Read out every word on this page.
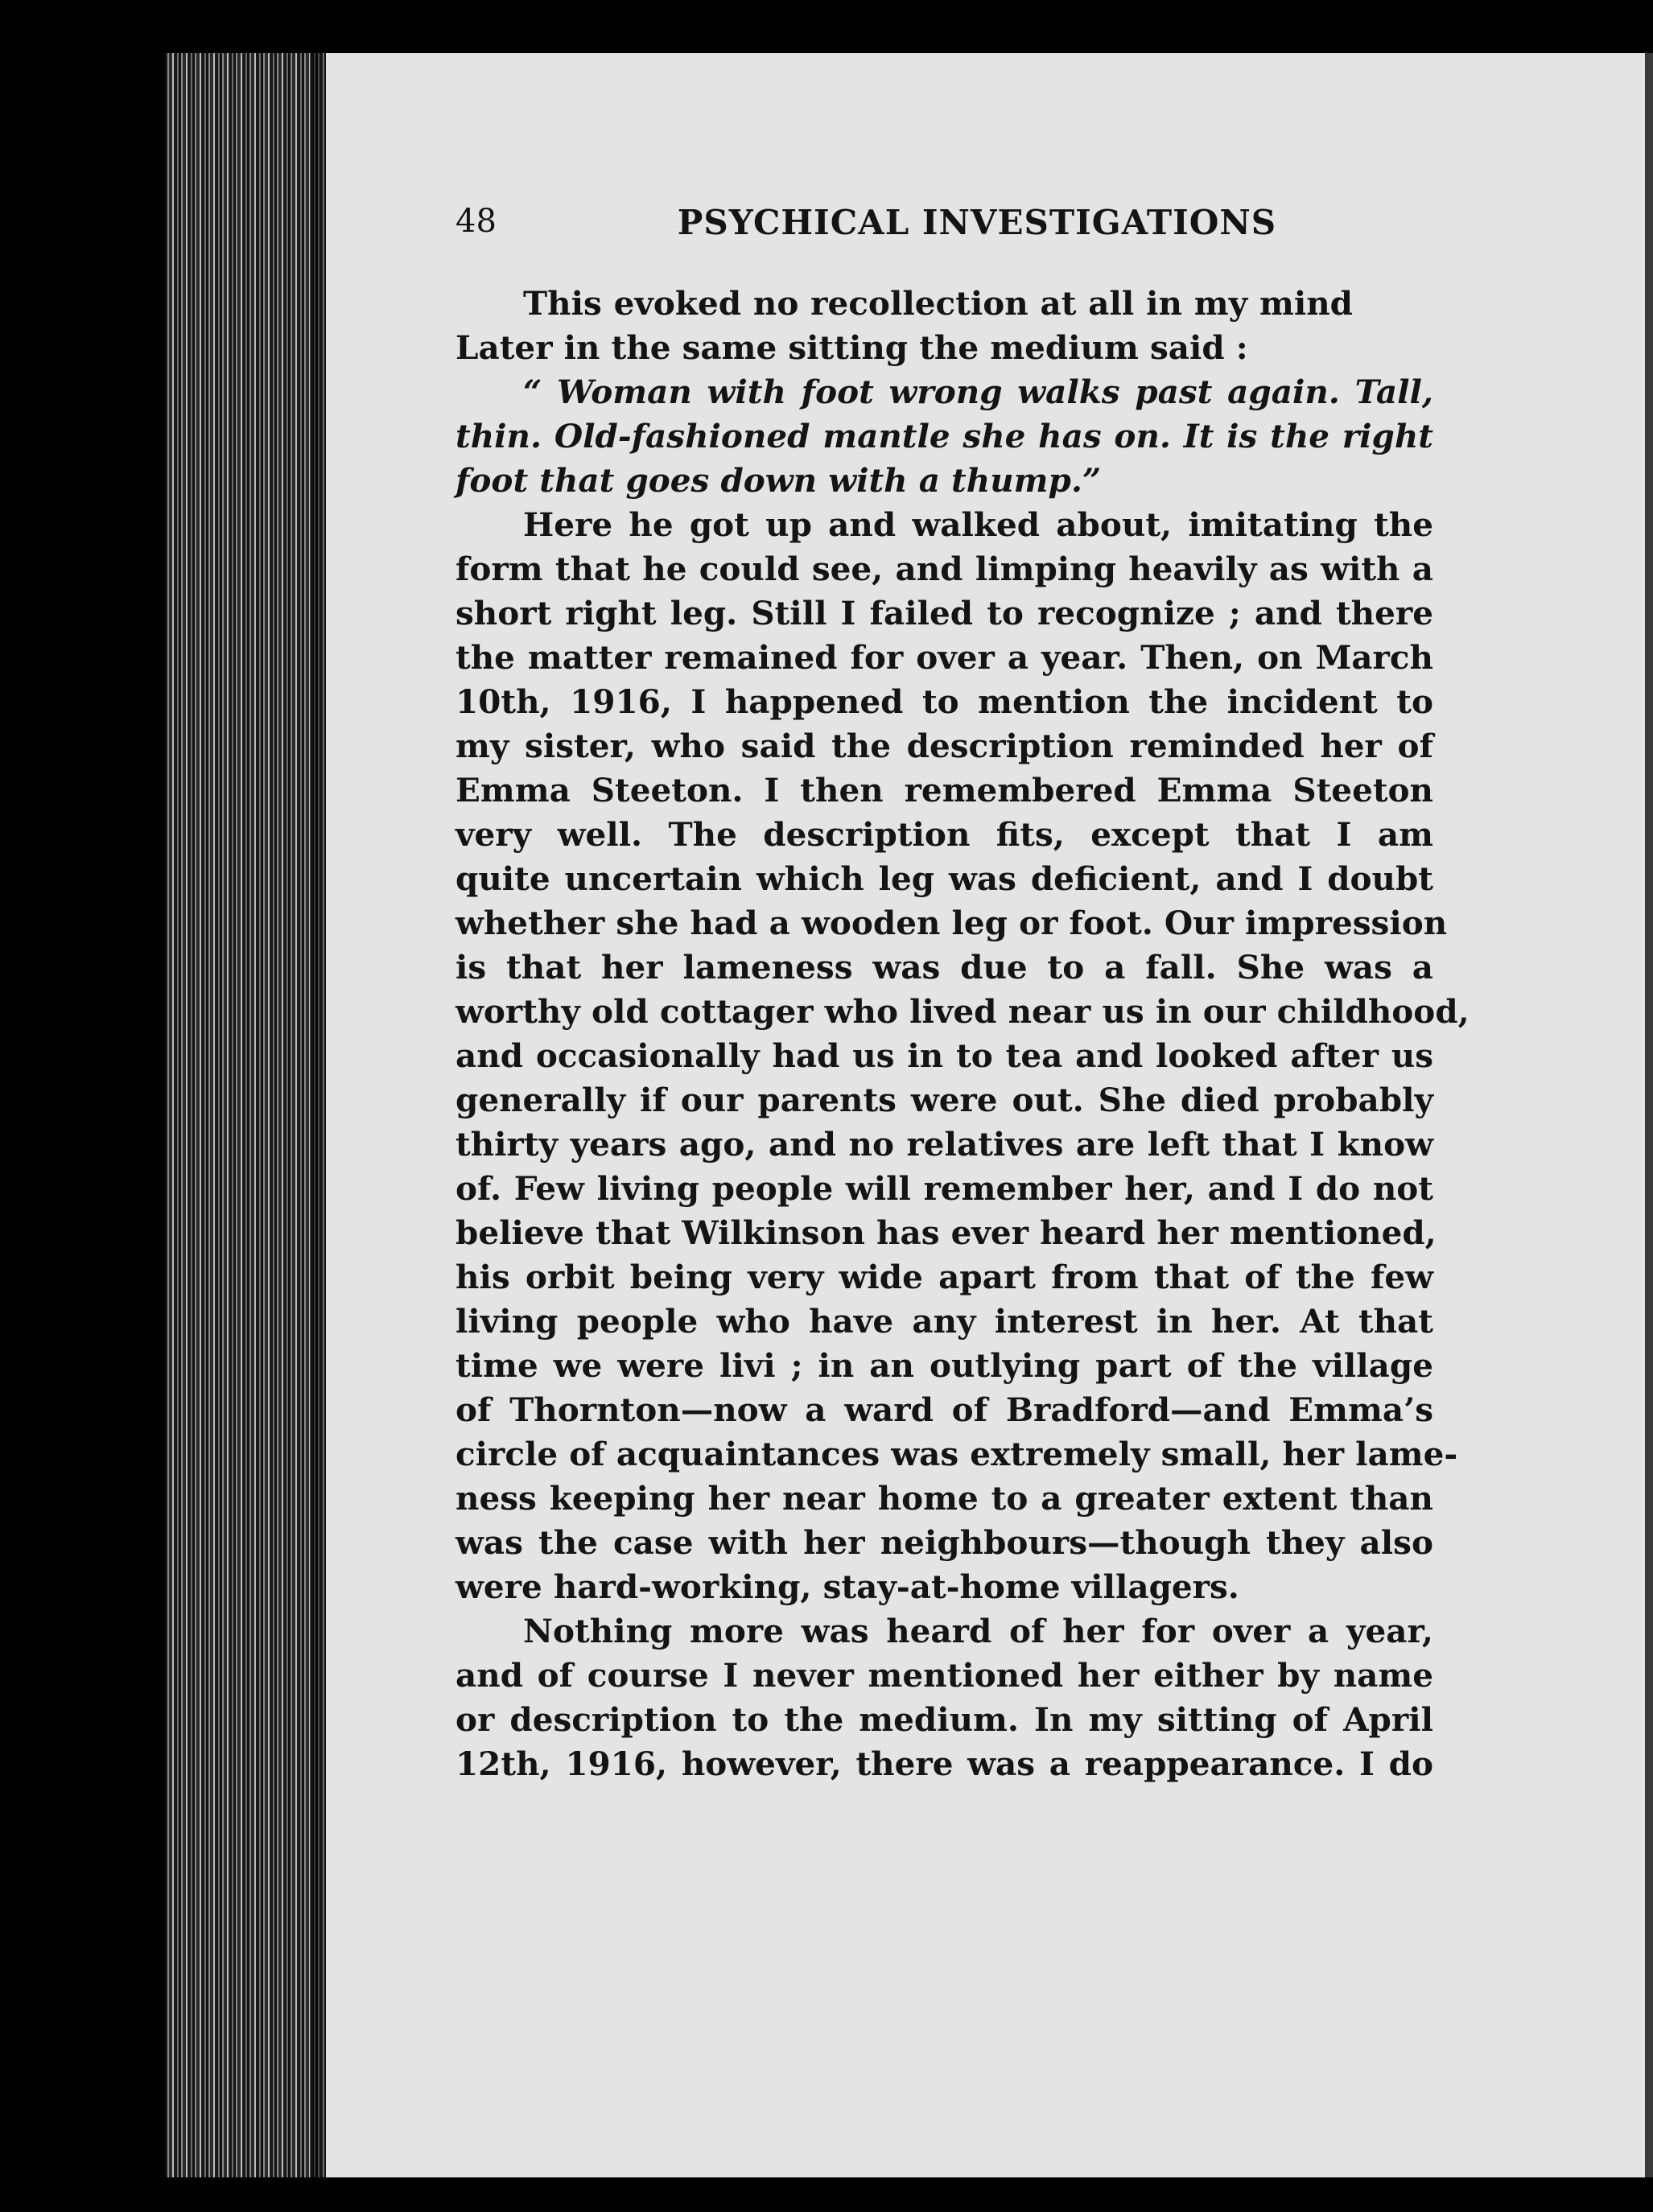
48	PSYCHICAL INVESTIGATIONS
This evoked no recollection at all in my mind
Later in the same sitting the medium said :
“ Woman with foot wrong walks past again. Tall,
thin. Old-fashioned mantle she has on. It is the right
foot that goes down with a thump.”
Here he got up and walked about, imitating the
form that he could see, and limping heavily as with a
short right leg. Still I failed to recognize ; and there
the matter remained for over a year. Then, on March
10th, 1916, I happened to mention the incident to
my sister, who said the description reminded her of
Emma Steeton. I then remembered Emma Steeton
very well. The description fits, except that I am
quite uncertain which leg was deficient, and I doubt
whether she had a wooden leg or foot. Our impression
is that her lameness was due to a fall. She was a
worthy old cottager who lived near us in our childhood,
and occasionally had us in to tea and looked after us
generally if our parents were out. She died probably
thirty years ago, and no relatives are left that I know
of. Few living people will remember her, and I do not
believe that Wilkinson has ever heard her mentioned,
his orbit being very wide apart from that of the few
living people who have any interest in her. At that
time we were livi ; in an outlying part of the village
of Thornton—now a ward of Bradford—and Emma’s
circle of acquaintances was extremely small, her lame-
ness keeping her near home to a greater extent than
was the case with her neighbours—though they also
were hard-working, stay-at-home villagers.
Nothing more was heard of her for over a year,
and of course I never mentioned her either by name
or description to the medium. In my sitting of April
12th, 1916, however, there was a reappearance. I do
